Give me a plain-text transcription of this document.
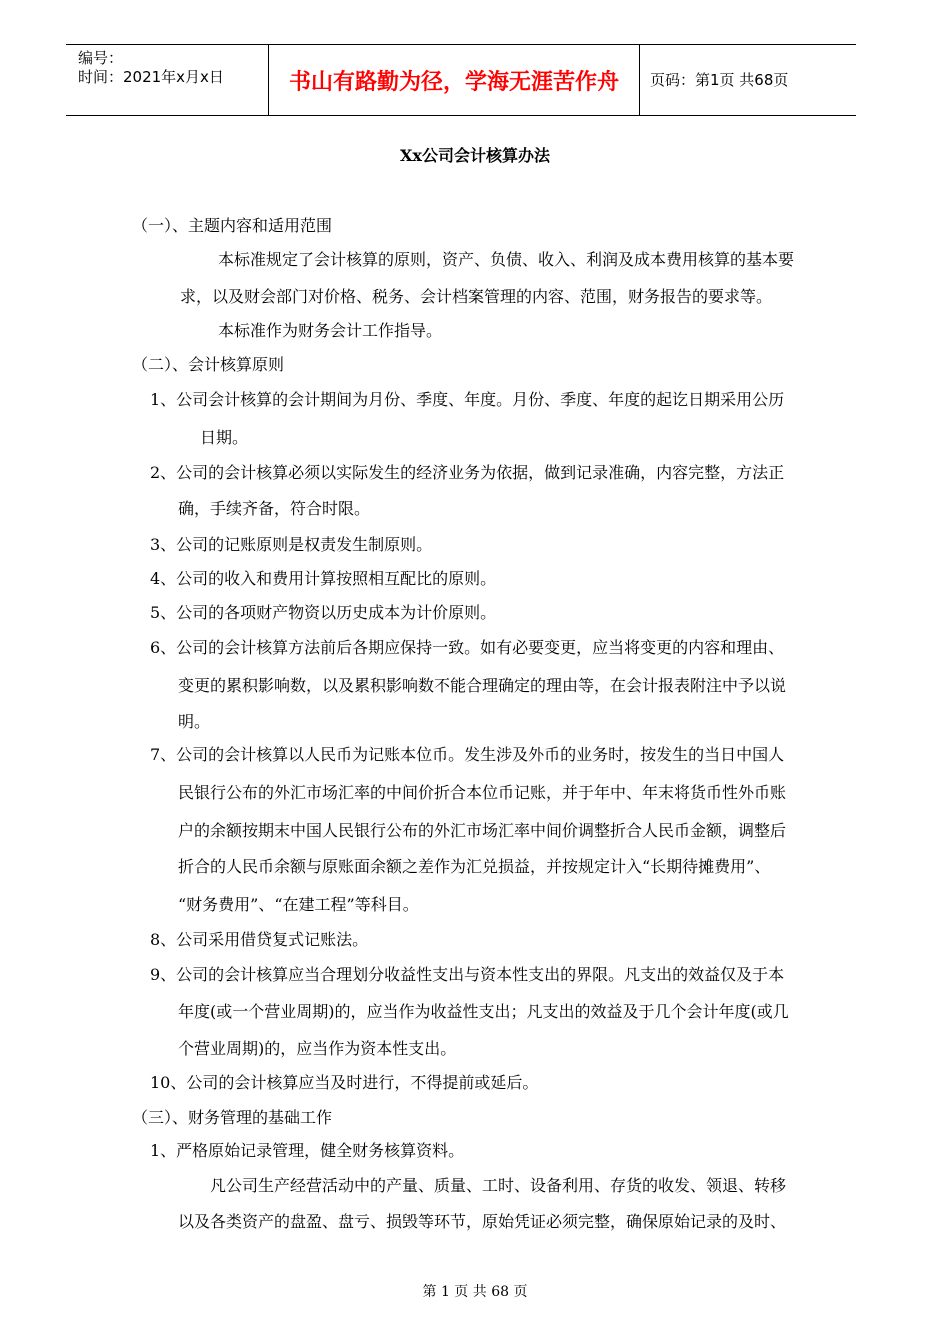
编号：
时间：2021年x月x日	书山有路勤为径，学海无涯苦作舟	页码：第1页 共68页
Xx公司会计核算办法
（一）、主题内容和适用范围
本标准规定了会计核算的原则，资产、负债、收入、利润及成本费用核算的基本要
求，以及财会部门对价格、税务、会计档案管理的内容、范围，财务报告的要求等。
本标准作为财务会计工作指导。
（二）、会计核算原则
1、公司会计核算的会计期间为月份、季度、年度。月份、季度、年度的起讫日期采用公历
日期。
2、公司的会计核算必须以实际发生的经济业务为依据，做到记录准确，内容完整，方法正
确，手续齐备，符合时限。
3、公司的记账原则是权责发生制原则。
4、公司的收入和费用计算按照相互配比的原则。
5、公司的各项财产物资以历史成本为计价原则。
6、公司的会计核算方法前后各期应保持一致。如有必要变更，应当将变更的内容和理由、
变更的累积影响数，以及累积影响数不能合理确定的理由等，在会计报表附注中予以说
明。
7、公司的会计核算以人民币为记账本位币。发生涉及外币的业务时，按发生的当日中国人
民银行公布的外汇市场汇率的中间价折合本位币记账，并于年中、年末将货币性外币账
户的余额按期末中国人民银行公布的外汇市场汇率中间价调整折合人民币金额，调整后
折合的人民币余额与原账面余额之差作为汇兑损益，并按规定计入“长期待摊费用”、
“财务费用”、“在建工程”等科目。
8、公司采用借贷复式记账法。
9、公司的会计核算应当合理划分收益性支出与资本性支出的界限。凡支出的效益仅及于本
年度(或一个营业周期)的，应当作为收益性支出；凡支出的效益及于几个会计年度(或几
个营业周期)的，应当作为资本性支出。
10、公司的会计核算应当及时进行，不得提前或延后。
（三）、财务管理的基础工作
1、严格原始记录管理，健全财务核算资料。
凡公司生产经营活动中的产量、质量、工时、设备利用、存货的收发、领退、转移
以及各类资产的盘盈、盘亏、损毁等环节，原始凭证必须完整，确保原始记录的及时、
第 1 页 共 68 页
